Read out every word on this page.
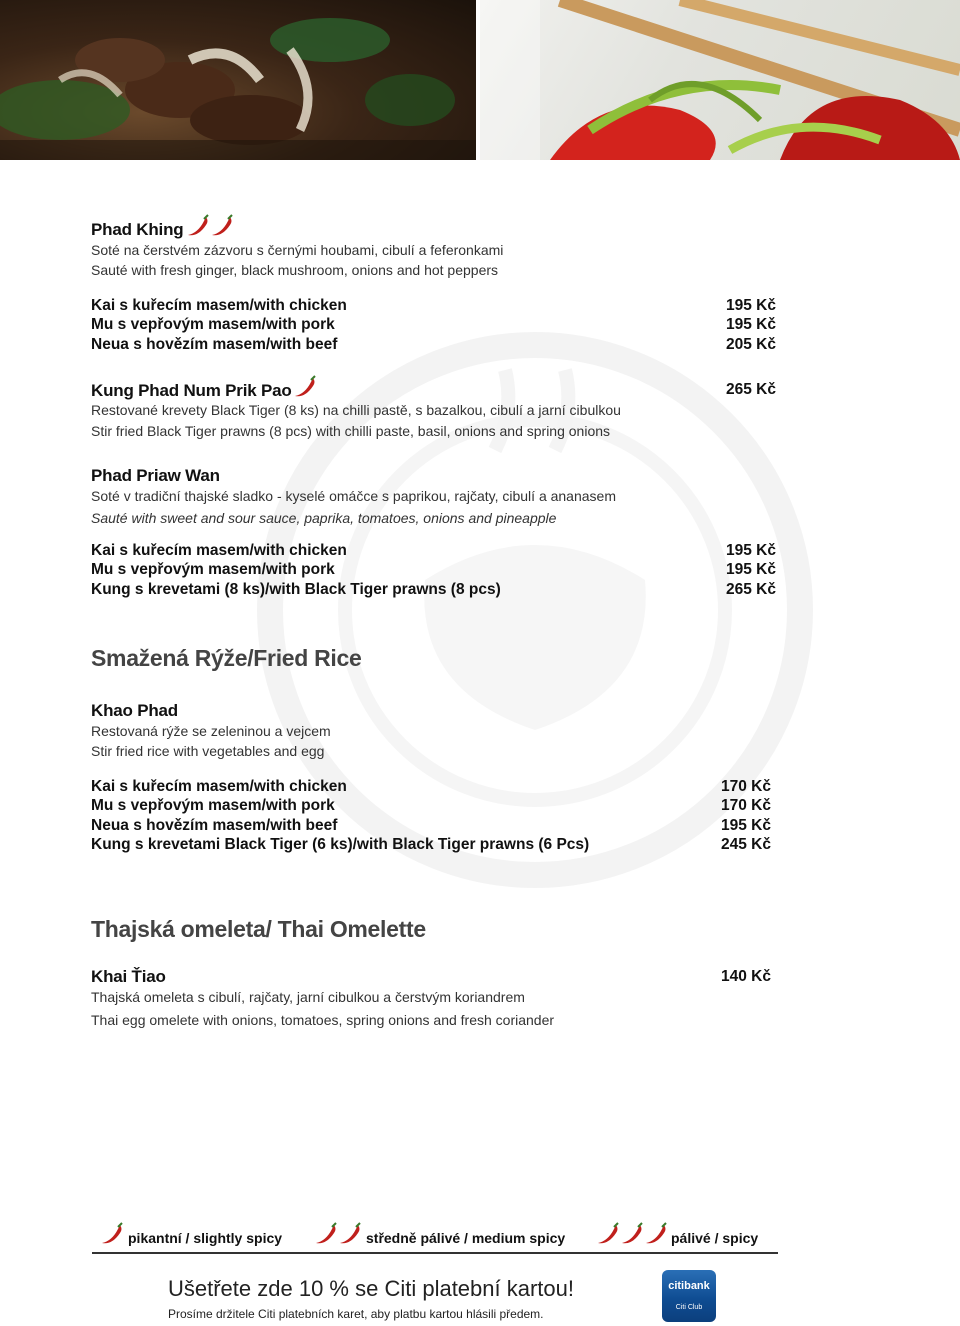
Phad Khing
Soté na čerstvém zázvoru s černými houbami, cibulí a feferonkami
Sauté with fresh ginger, black mushroom, onions and hot peppers
Kai s kuřecím masem/with chicken	195 Kč
Mu s vepřovým masem/with pork	195 Kč
Neua s hovězím masem/with beef	205 Kč
Kung Phad Num Prik Pao	265 Kč
Restované krevety Black Tiger (8 ks) na chilli pastě, s bazalkou, cibulí a jarní cibulkou
Stir fried Black Tiger prawns (8 pcs) with chilli paste, basil, onions and spring onions
Phad Priaw Wan
Soté v tradiční thajské sladko - kyselé omáčce s paprikou, rajčaty, cibulí a ananasem
Sauté with sweet and sour sauce, paprika, tomatoes, onions and pineapple
Kai s kuřecím masem/with chicken	195 Kč
Mu s vepřovým masem/with pork	195 Kč
Kung s krevetami (8 ks)/with Black Tiger prawns (8 pcs)	265 Kč
Smažená Rýže/Fried Rice
Khao Phad
Restovaná rýže se zeleninou a vejcem
Stir fried rice with vegetables and egg
Kai s kuřecím masem/with chicken	170 Kč
Mu s vepřovým masem/with pork	170 Kč
Neua s hovězím masem/with beef	195 Kč
Kung s krevetami Black Tiger (6 ks)/with Black Tiger prawns (6 Pcs)	245 Kč
Thajská omeleta/ Thai Omelette
Khai Ťiao	140 Kč
Thajská omeleta s cibulí, rajčaty, jarní cibulkou a čerstvým koriandrem
Thai egg omelete with onions, tomatoes, spring onions and fresh coriander
pikantní / slightly spicy	středně pálivé / medium spicy	pálivé / spicy
Ušetřete zde 10 % se Citi platební kartou!
Prosíme držitele Citi platebních karet, aby platbu kartou hlásili předem.
citibank
Citi Club
